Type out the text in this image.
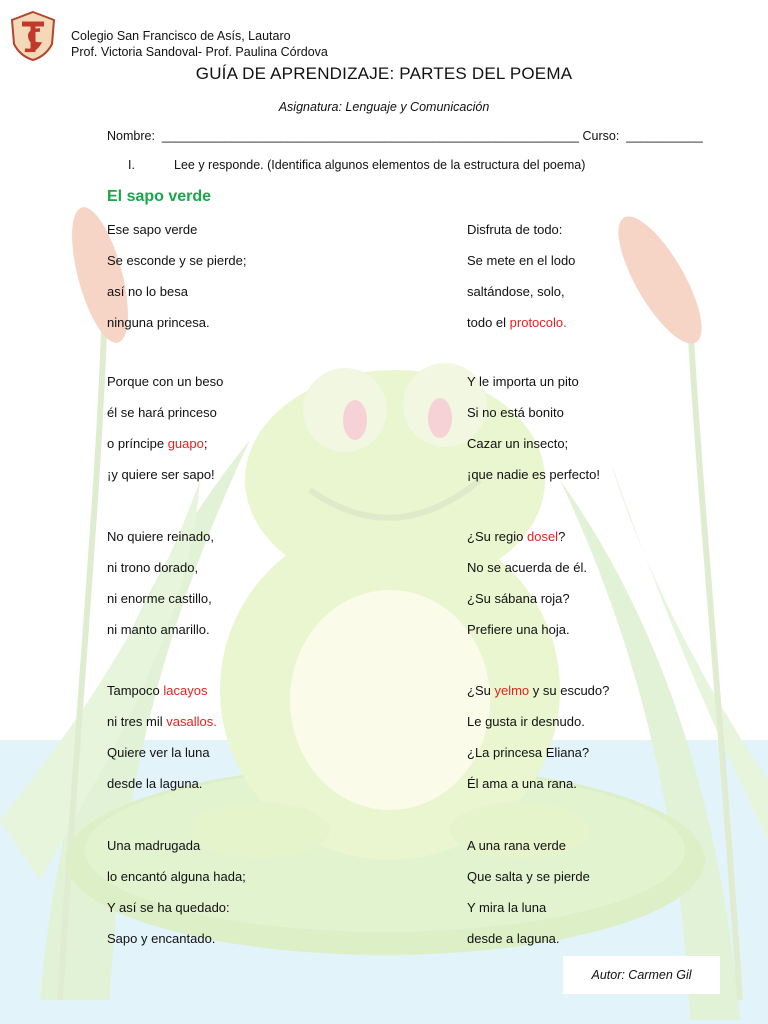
Colegio San Francisco de Asís, Lautaro
Prof. Victoria Sandoval- Prof. Paulina Córdova
GUÍA DE APRENDIZAJE: PARTES DEL POEMA
Asignatura: Lenguaje y Comunicación
Nombre:  ____________________________________________________________ Curso:  ___________
I.	Lee y responde. (Identifica algunos elementos de la estructura del poema)
El sapo verde
Ese sapo verde
Se esconde y se pierde;
así no lo besa
ninguna princesa.
Porque con un beso
él se hará princeso
o príncipe guapo;
¡y quiere ser sapo!
No quiere reinado,
ni trono dorado,
ni enorme castillo,
ni manto amarillo.
Tampoco lacayos
ni tres mil vasallos.
Quiere ver la luna
desde la laguna.
Una madrugada
lo encantó alguna hada;
Y así se ha quedado:
Sapo y encantado.
Disfruta de todo:
Se mete en el lodo
saltándose, solo,
todo el protocolo.
Y le importa un pito
Si no está bonito
Cazar un insecto;
¡que nadie es perfecto!
¿Su regio dosel?
No se acuerda de él.
¿Su sábana roja?
Prefiere una hoja.
¿Su yelmo y su escudo?
Le gusta ir desnudo.
¿La princesa Eliana?
Él ama a una rana.
A una rana verde
Que salta y se pierde
Y mira la luna
desde a laguna.
Autor: Carmen Gil
